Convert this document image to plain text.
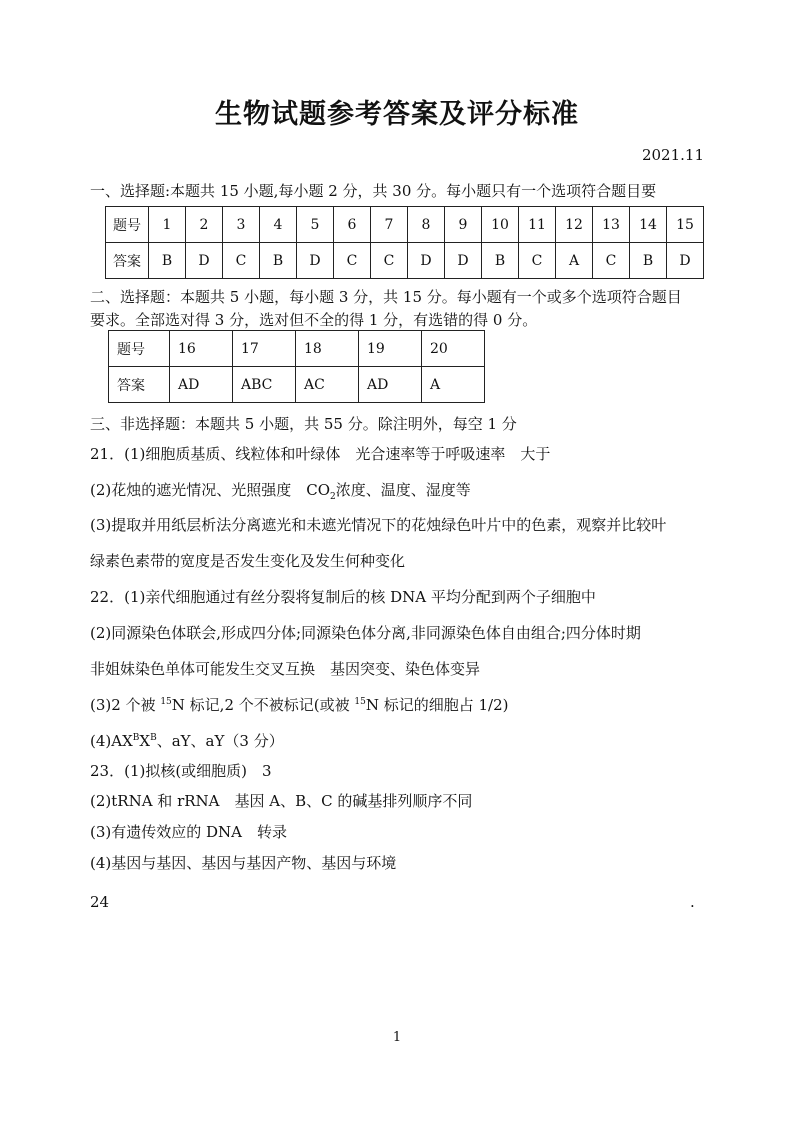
生物试题参考答案及评分标准
2021.11
一、选择题:本题共 15 小题,每小题 2 分，共 30 分。每小题只有一个选项符合题目要
题号	1	2	3	4	5	6	7	8	9	10	11	12	13	14	15
答案	B	D	C	B	D	C	C	D	D	B	C	A	C	B	D
二、选择题：本题共 5 小题，每小题 3 分，共 15 分。每小题有一个或多个选项符合题目
要求。全部选对得 3 分，选对但不全的得 1 分，有选错的得 0 分。
题号	16	17	18	19	20
答案	AD	ABC	AC	AD	A
三、非选择题：本题共 5 小题，共 55 分。除注明外，每空 1 分
21．(1)细胞质基质、线粒体和叶绿体　光合速率等于呼吸速率　大于
(2)花烛的遮光情况、光照强度　$CO_2$浓度、温度、湿度等
(3)提取并用纸层析法分离遮光和未遮光情况下的花烛绿色叶片中的色素，观察并比较叶
绿素色素带的宽度是否发生变化及发生何种变化
22．(1)亲代细胞通过有丝分裂将复制后的核 DNA 平均分配到两个子细胞中
(2)同源染色体联会,形成四分体;同源染色体分离,非同源染色体自由组合;四分体时期
非姐妹染色单体可能发生交叉互换　基因突变、染色体变异
(3)2 个被 $^{15}$N 标记,2 个不被标记(或被 $^{15}$N 标记的细胞占 1/2)
$(4)AX^BX^B$、aY、aY（3 分）
23．(1)拟核(或细胞质)　3
(2)tRNA 和 rRNA　基因 A、B、C 的碱基排列顺序不同
(3)有遗传效应的 DNA　转录
(4)基因与基因、基因与基因产物、基因与环境
24	.
1
